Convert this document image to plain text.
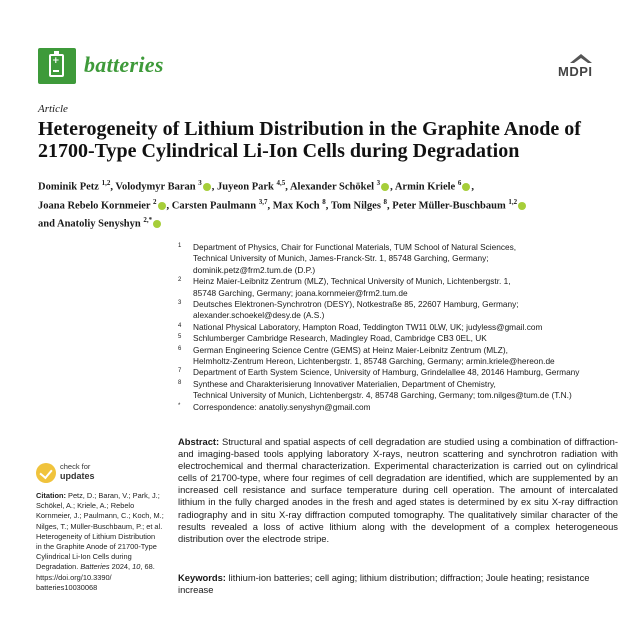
+ batteries	MDPI
Article
Heterogeneity of Lithium Distribution in the Graphite Anode of 21700-Type Cylindrical Li-Ion Cells during Degradation
Dominik Petz $^{1,2}$, Volodymyr Baran $^3$ , Juyeon Park $^{4,5}$, Alexander Schökel $^3$ , Armin Kriele $^6$ ,
Joana Rebelo Kornmeier $^2$ , Carsten Paulmann $^{3,7}$, Max Koch $^8$, Tom Nilges $^8$, Peter Müller-Buschbaum $^{1,2}$
and Anatoliy Senyshyn $^{2,*}$
1	Department of Physics, Chair for Functional Materials, TUM School of Natural Sciences,
Technical University of Munich, James-Franck-Str. 1, 85748 Garching, Germany;
dominik.petz@frm2.tum.de (D.P.)
2	Heinz Maier-Leibnitz Zentrum (MLZ), Technical University of Munich, Lichtenbergstr. 1,
85748 Garching, Germany; joana.kornmeier@frm2.tum.de
3	Deutsches Elektronen-Synchrotron (DESY), Notkestraße 85, 22607 Hamburg, Germany;
alexander.schoekel@desy.de (A.S.)
4	National Physical Laboratory, Hampton Road, Teddington TW11 0LW, UK; judyless@gmail.com
5	Schlumberger Cambridge Research, Madingley Road, Cambridge CB3 0EL, UK
6	German Engineering Science Centre (GEMS) at Heinz Maier-Leibnitz Zentrum (MLZ),
Helmholtz-Zentrum Hereon, Lichtenbergstr. 1, 85748 Garching, Germany; armin.kriele@hereon.de
7	Department of Earth System Science, University of Hamburg, Grindelallee 48, 20146 Hamburg, Germany
8	Synthese and Charakterisierung Innovativer Materialien, Department of Chemistry,
Technical University of Munich, Lichtenbergstr. 4, 85748 Garching, Germany; tom.nilges@tum.de (T.N.)
*	Correspondence: anatoliy.senyshyn@gmail.com
Abstract: Structural and spatial aspects of cell degradation are studied using a combination of diffraction-and imaging-based tools applying laboratory X-rays, neutron scattering and synchrotron radiation with electrochemical and thermal characterization. Experimental characterization is carried out on cylindrical cells of 21700-type, where four regimes of cell degradation are identified, which are supplemented by an increased cell resistance and surface temperature during cell operation. The amount of intercalated lithium in the fully charged anodes in the fresh and aged states is determined by ex situ X-ray diffraction radiography and in situ X-ray diffraction computed tomography. The qualitatively similar character of the results revealed a loss of active lithium along with the development of a complex heterogeneous distribution over the electrode stripe.
Keywords: lithium-ion batteries; cell aging; lithium distribution; diffraction; Joule heating; resistance increase
check for
updates
Citation: Petz, D.; Baran, V.; Park, J.;
Schökel, A.; Kriele, A.; Rebelo
Kornmeier, J.; Paulmann, C.; Koch, M.;
Nilges, T.; Müller-Buschbaum, P.; et al.
Heterogeneity of Lithium Distribution
in the Graphite Anode of 21700-Type
Cylindrical Li-Ion Cells during
Degradation. Batteries 2024, 10, 68.
https://doi.org/10.3390/
batteries10030068
